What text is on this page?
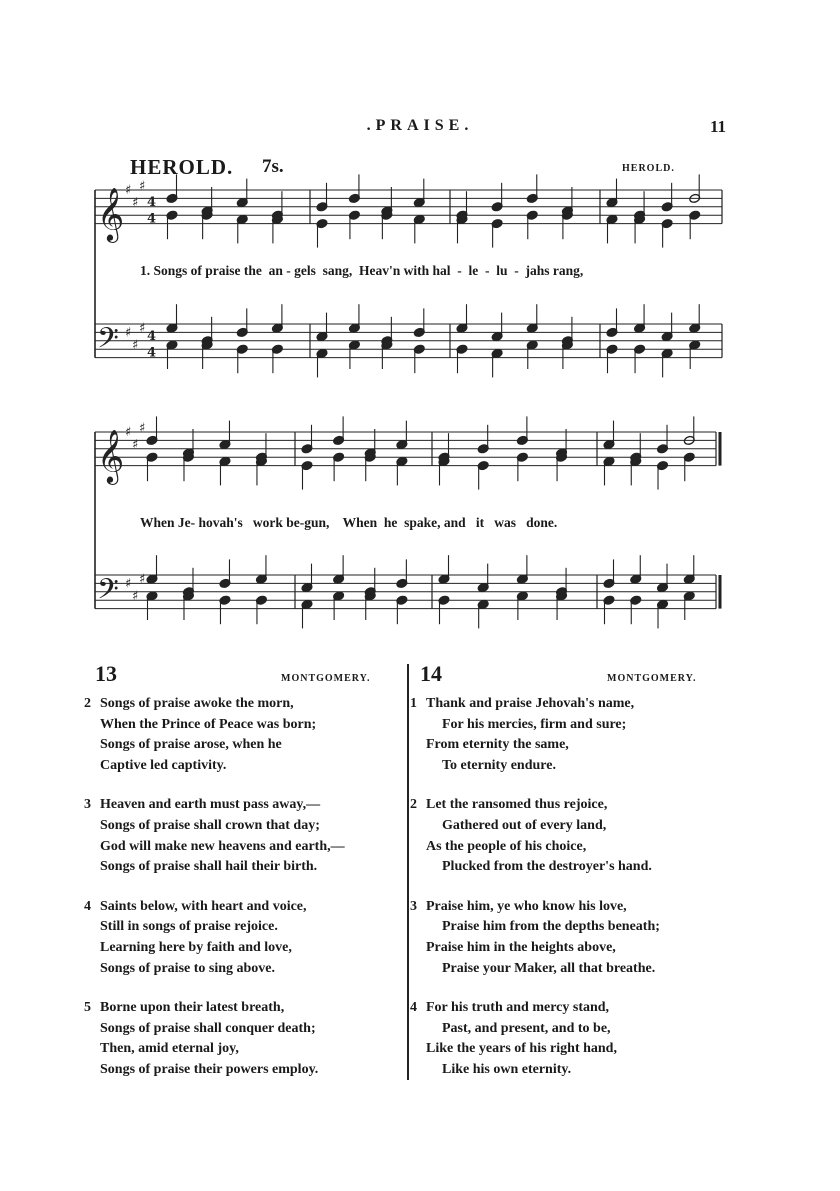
.PRAISE.	11
HEROLD. 7s.	HEROLD.
𝄞
𝄢
♯
♯
♯
♯
♯
♯
4
4
4
4
1. Songs of praise the  an - gels  sang,  Heav'n with hal  -  le  -  lu  -  jahs rang,
𝄞
𝄢
♯
♯
♯
♯
♯
♯
When Je- hovah's   work be-gun,    When  he  spake, and   it   was   done.
13	MONTGOMERY.
2 Songs of praise awoke the morn,
When the Prince of Peace was born;
Songs of praise arose, when he
Captive led captivity.
3 Heaven and earth must pass away,—
Songs of praise shall crown that day;
God will make new heavens and earth,—
Songs of praise shall hail their birth.
4 Saints below, with heart and voice,
Still in songs of praise rejoice.
Learning here by faith and love,
Songs of praise to sing above.
5 Borne upon their latest breath,
Songs of praise shall conquer death;
Then, amid eternal joy,
Songs of praise their powers employ.
14	MONTGOMERY.
1 Thank and praise Jehovah's name,
For his mercies, firm and sure;
From eternity the same,
To eternity endure.
2 Let the ransomed thus rejoice,
Gathered out of every land,
As the people of his choice,
Plucked from the destroyer's hand.
3 Praise him, ye who know his love,
Praise him from the depths beneath;
Praise him in the heights above,
Praise your Maker, all that breathe.
4 For his truth and mercy stand,
Past, and present, and to be,
Like the years of his right hand,
Like his own eternity.
